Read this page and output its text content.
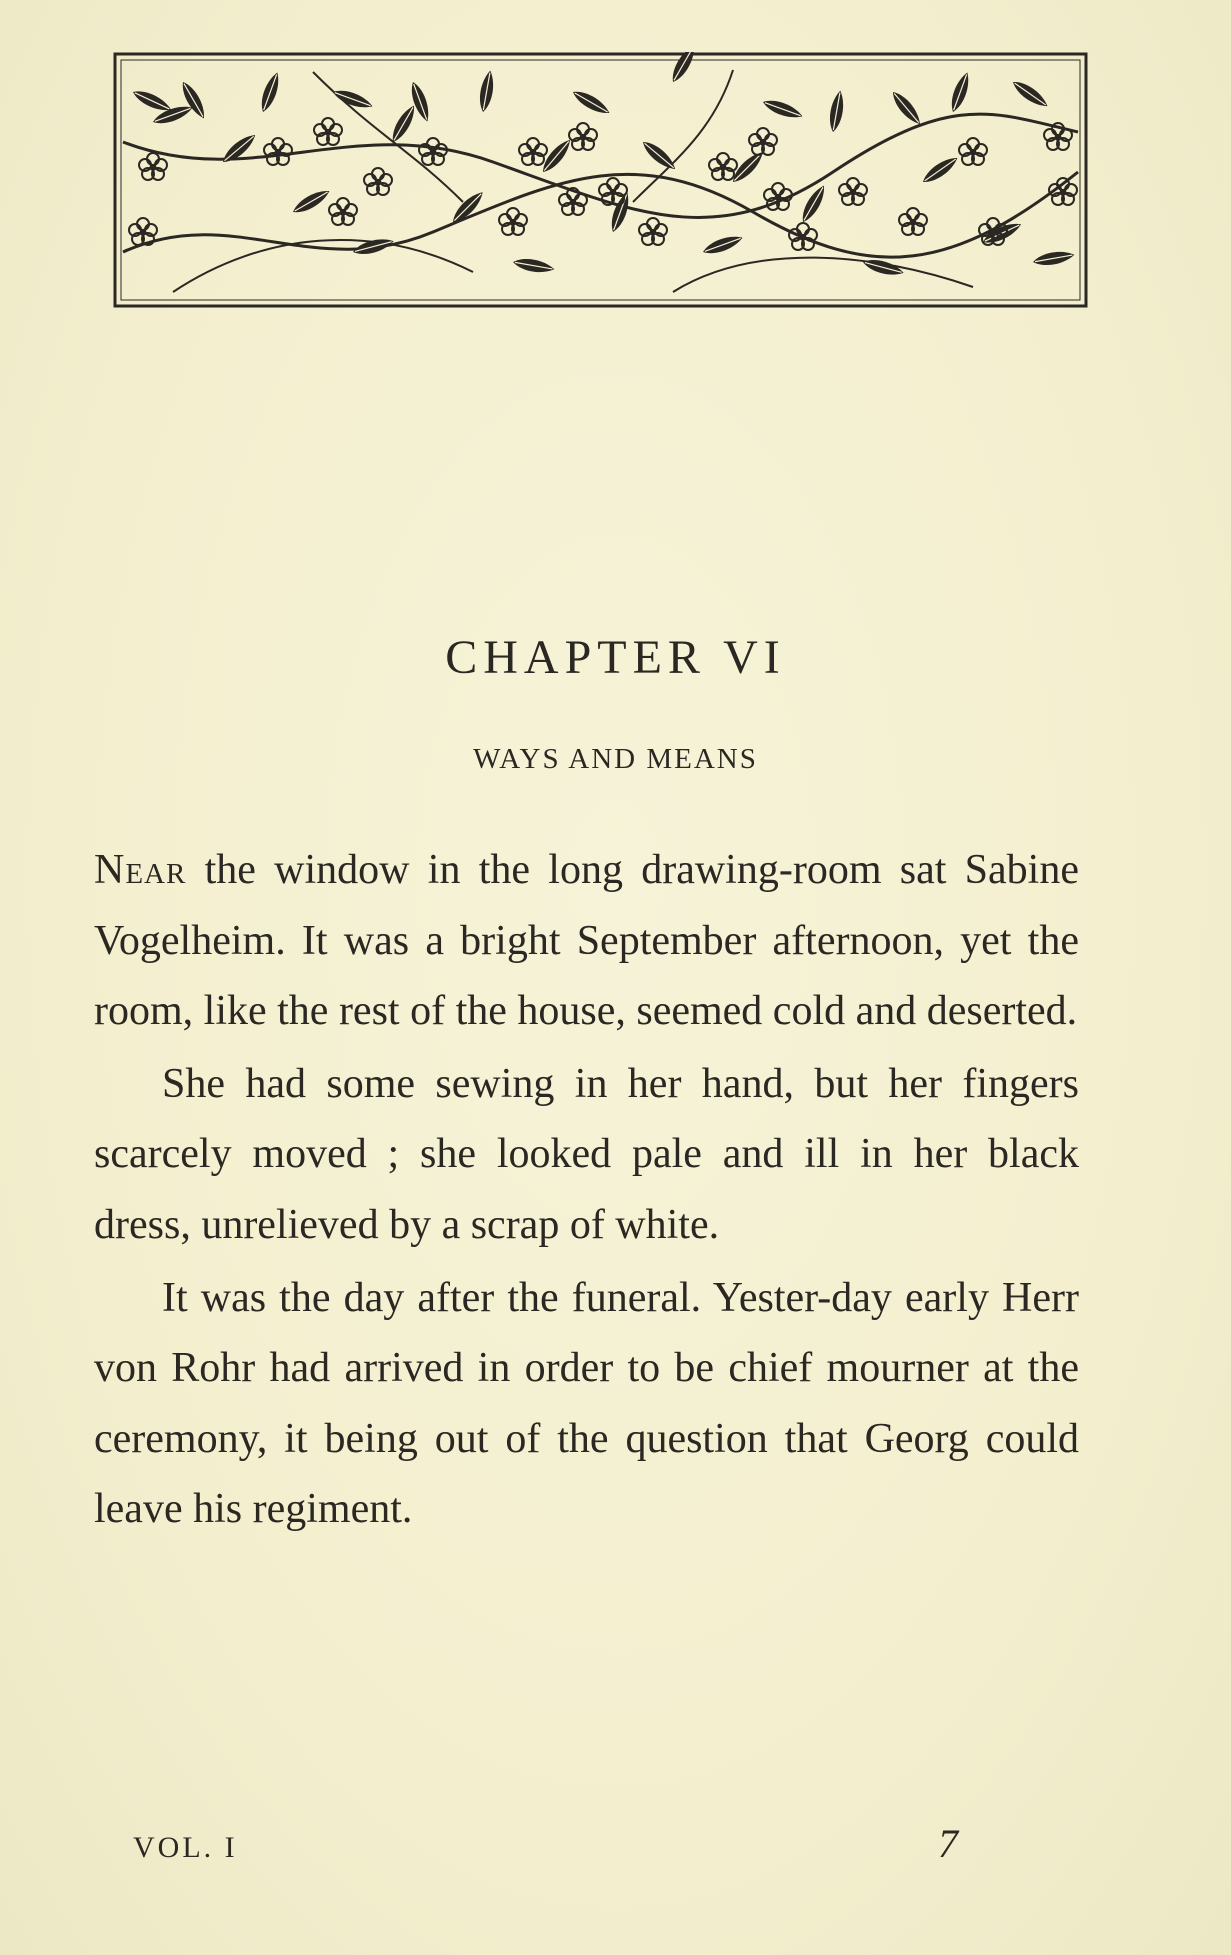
CHAPTER VI
WAYS AND MEANS

Near the window in the long drawing-room sat Sabine Vogelheim. It was a bright September afternoon, yet the room, like the rest of the house, seemed cold and deserted.

She had some sewing in her hand, but her fingers scarcely moved ; she looked pale and ill in her black dress, unrelieved by a scrap of white.

It was the day after the funeral. Yester-day early Herr von Rohr had arrived in order to be chief mourner at the ceremony, it being out of the question that Georg could leave his regiment.

VOL. I	7
